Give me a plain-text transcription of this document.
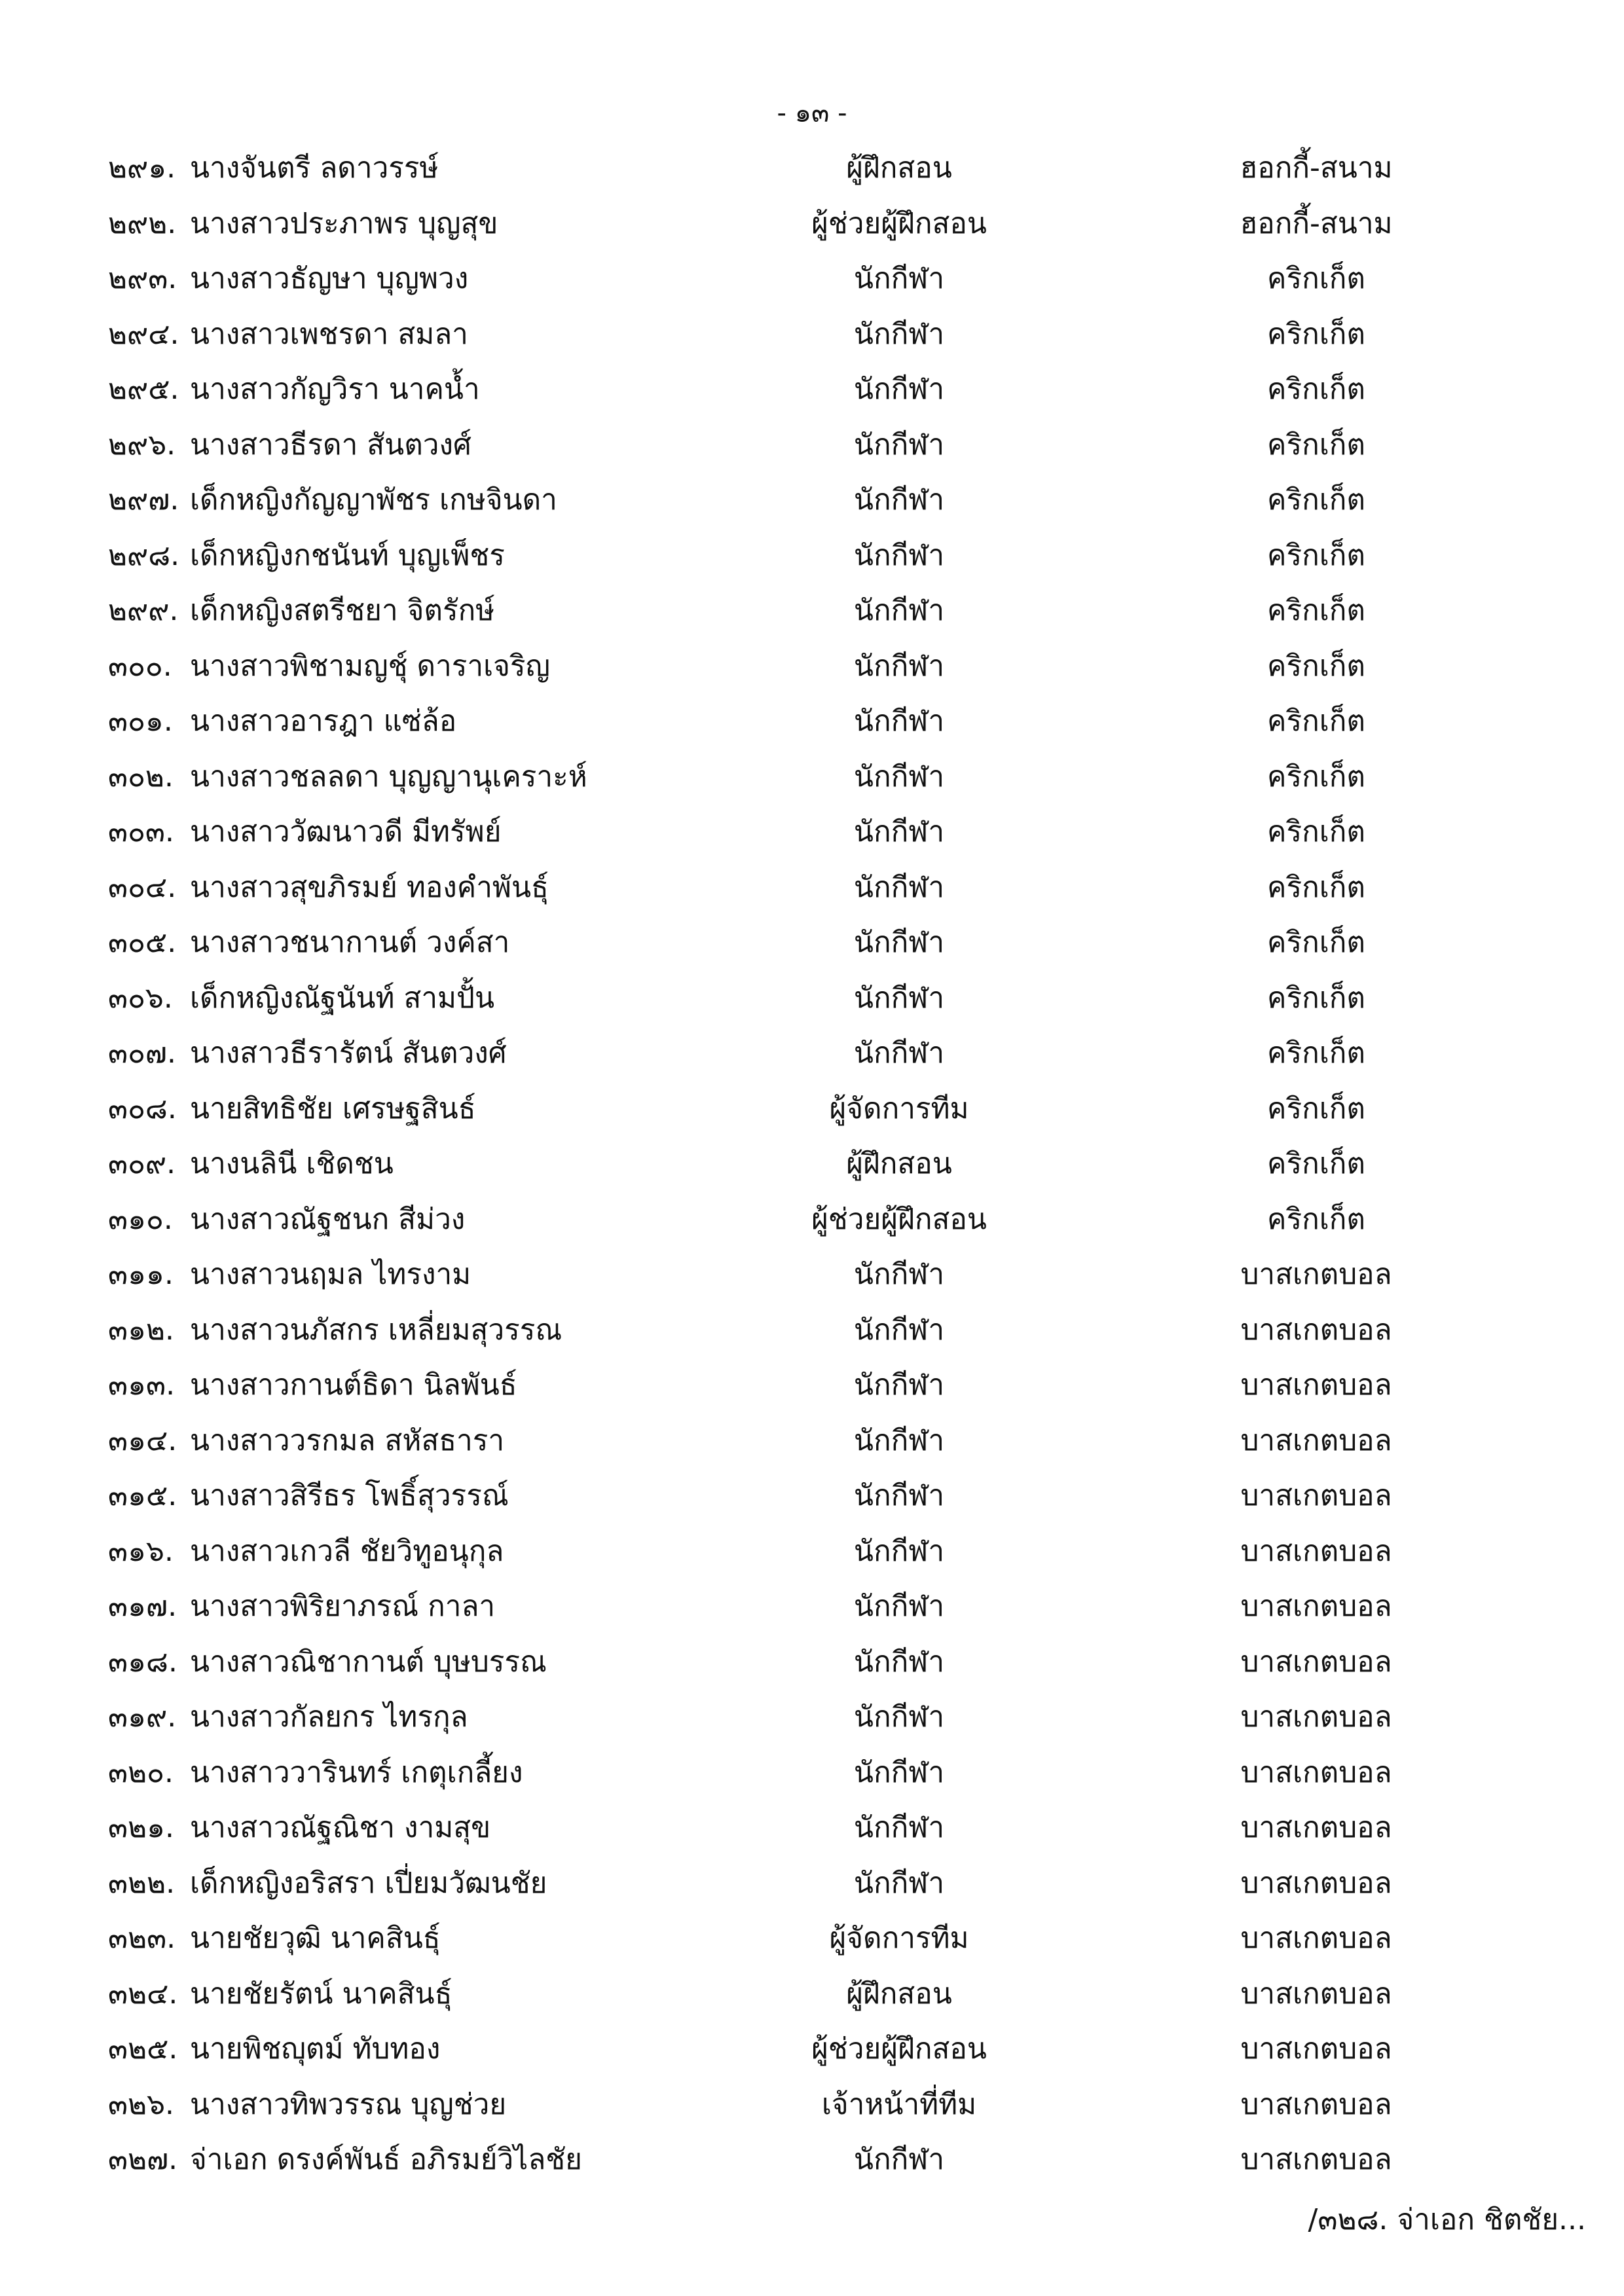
- ๑๓ -
๒๙๑. นางจันตรี ลดาวรรษ์	ผู้ฝึกสอน	ฮอกกี้-สนาม
๒๙๒. นางสาวประภาพร บุญสุข	ผู้ช่วยผู้ฝึกสอน	ฮอกกี้-สนาม
๒๙๓. นางสาวธัญษา บุญพวง	นักกีฬา	คริกเก็ต
๒๙๔. นางสาวเพชรดา สมลา	นักกีฬา	คริกเก็ต
๒๙๕. นางสาวกัญวิรา นาคน้ำ	นักกีฬา	คริกเก็ต
๒๙๖. นางสาวธีรดา สันตวงศ์	นักกีฬา	คริกเก็ต
๒๙๗. เด็กหญิงกัญญาพัชร เกษจินดา	นักกีฬา	คริกเก็ต
๒๙๘. เด็กหญิงกชนันท์ บุญเพ็ชร	นักกีฬา	คริกเก็ต
๒๙๙. เด็กหญิงสตรีชยา จิตรักษ์	นักกีฬา	คริกเก็ต
๓๐๐. นางสาวพิชามญชุ์ ดาราเจริญ	นักกีฬา	คริกเก็ต
๓๐๑. นางสาวอารฎา แซ่ล้อ	นักกีฬา	คริกเก็ต
๓๐๒. นางสาวชลลดา บุญญานุเคราะห์	นักกีฬา	คริกเก็ต
๓๐๓. นางสาววัฒนาวดี มีทรัพย์	นักกีฬา	คริกเก็ต
๓๐๔. นางสาวสุขภิรมย์ ทองคำพันธุ์	นักกีฬา	คริกเก็ต
๓๐๕. นางสาวชนากานต์ วงค์สา	นักกีฬา	คริกเก็ต
๓๐๖. เด็กหญิงณัฐนันท์ สามปั้น	นักกีฬา	คริกเก็ต
๓๐๗. นางสาวธีรารัตน์ สันตวงศ์	นักกีฬา	คริกเก็ต
๓๐๘. นายสิทธิชัย เศรษฐสินธ์	ผู้จัดการทีม	คริกเก็ต
๓๐๙. นางนลินี เชิดชน	ผู้ฝึกสอน	คริกเก็ต
๓๑๐. นางสาวณัฐชนก สีม่วง	ผู้ช่วยผู้ฝึกสอน	คริกเก็ต
๓๑๑. นางสาวนฤมล ไทรงาม	นักกีฬา	บาสเกตบอล
๓๑๒. นางสาวนภัสกร เหลี่ยมสุวรรณ	นักกีฬา	บาสเกตบอล
๓๑๓. นางสาวกานต์ธิดา นิลพันธ์	นักกีฬา	บาสเกตบอล
๓๑๔. นางสาววรกมล สหัสธารา	นักกีฬา	บาสเกตบอล
๓๑๕. นางสาวสิรีธร โพธิ์สุวรรณ์	นักกีฬา	บาสเกตบอล
๓๑๖. นางสาวเกวลี ชัยวิทูอนุกุล	นักกีฬา	บาสเกตบอล
๓๑๗. นางสาวพิริยาภรณ์ กาลา	นักกีฬา	บาสเกตบอล
๓๑๘. นางสาวณิชากานต์ บุษบรรณ	นักกีฬา	บาสเกตบอล
๓๑๙. นางสาวกัลยกร ไทรกุล	นักกีฬา	บาสเกตบอล
๓๒๐. นางสาววารินทร์ เกตุเกลี้ยง	นักกีฬา	บาสเกตบอล
๓๒๑. นางสาวณัฐณิชา งามสุข	นักกีฬา	บาสเกตบอล
๓๒๒. เด็กหญิงอริสรา เปี่ยมวัฒนชัย	นักกีฬา	บาสเกตบอล
๓๒๓. นายชัยวุฒิ นาคสินธุ์	ผู้จัดการทีม	บาสเกตบอล
๓๒๔. นายชัยรัตน์ นาคสินธุ์	ผู้ฝึกสอน	บาสเกตบอล
๓๒๕. นายพิชญุตม์ ทับทอง	ผู้ช่วยผู้ฝึกสอน	บาสเกตบอล
๓๒๖. นางสาวทิพวรรณ บุญช่วย	เจ้าหน้าที่ทีม	บาสเกตบอล
๓๒๗. จ่าเอก ดรงค์พันธ์ อภิรมย์วิไลชัย	นักกีฬา	บาสเกตบอล
/๓๒๘. จ่าเอก ชิตชัย...
